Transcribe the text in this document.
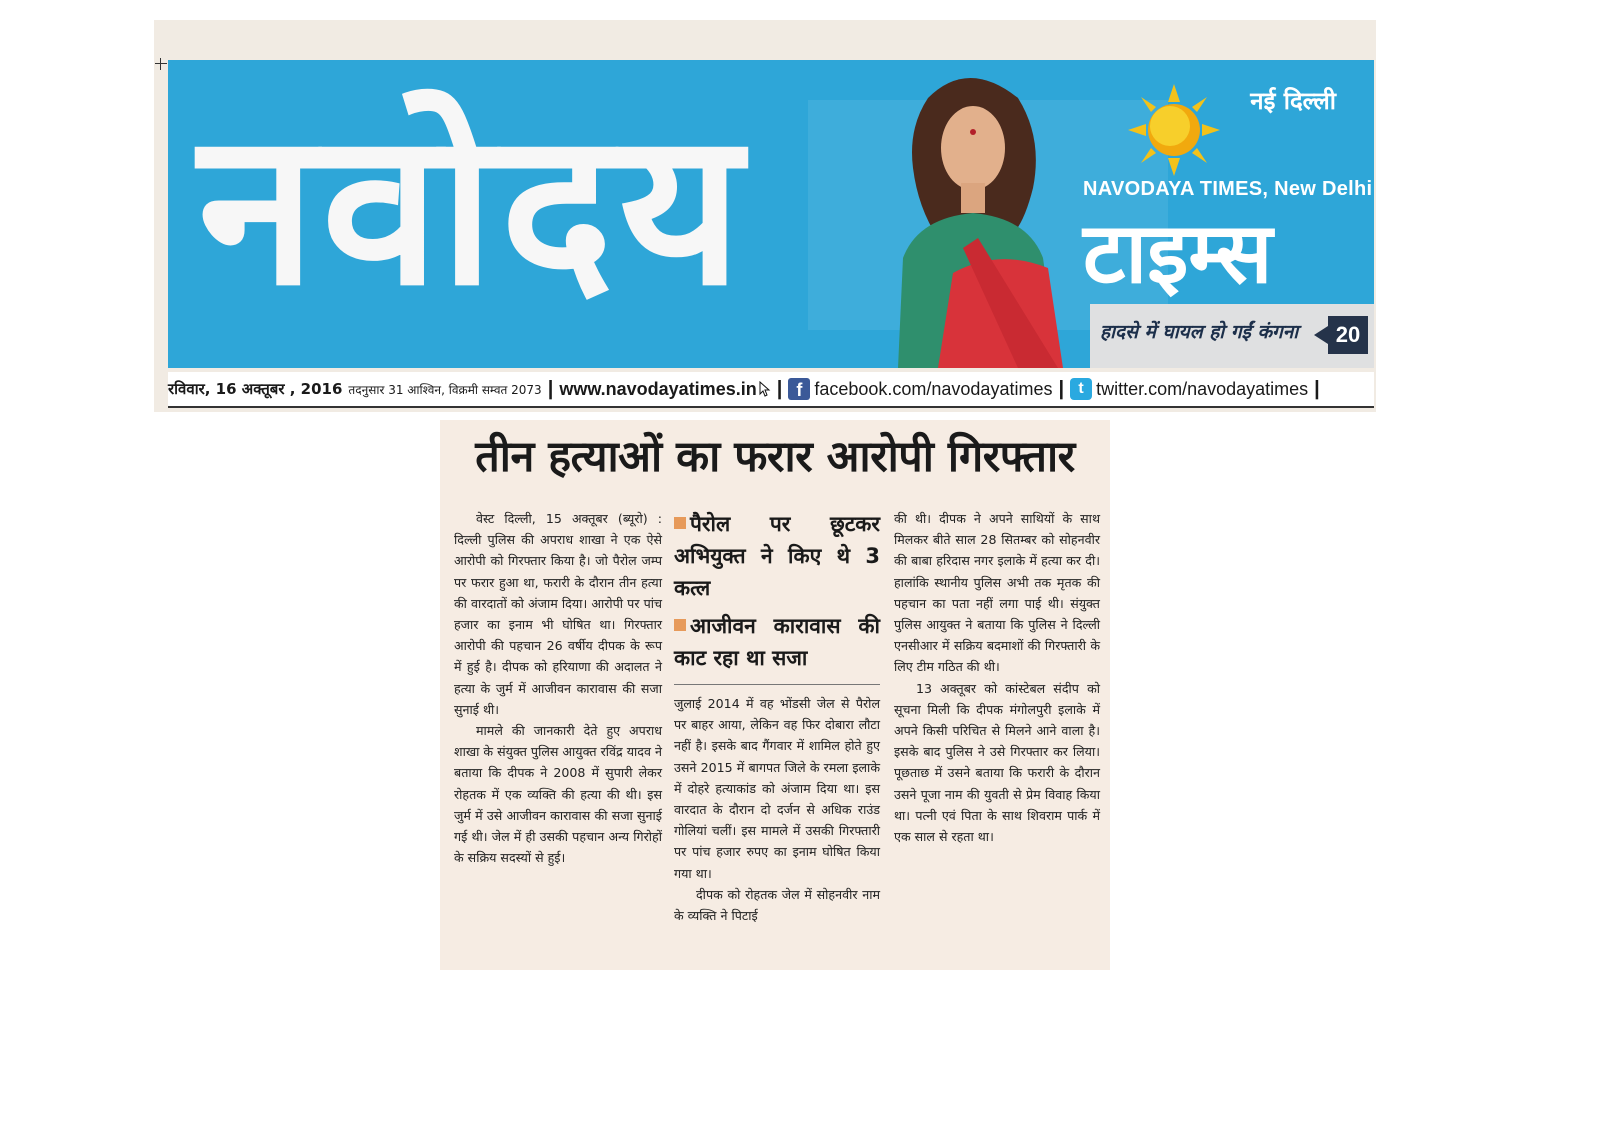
नवोदय	नई दिल्ली
NAVODAYA TIMES, New Delhi
टाइम्स
हादसे में घायल हो गईं कंगना	20
रविवार, 16 अक्तूबर , 2016 तदनुसार 31 आश्विन, विक्रमी सम्वत 2073 | www.navodayatimes.in | f facebook.com/navodayatimes | t twitter.com/navodayatimes |
तीन हत्याओं का फरार आरोपी गिरफ्तार

वेस्ट दिल्ली, 15 अक्तूबर (ब्यूरो) : दिल्ली पुलिस की अपराध शाखा ने एक ऐसे आरोपी को गिरफ्तार किया है। जो पैरोल जम्प पर फरार हुआ था, फरारी के दौरान तीन हत्या की वारदातों को अंजाम दिया। आरोपी पर पांच हजार का इनाम भी घोषित था। गिरफ्तार आरोपी की पहचान 26 वर्षीय दीपक के रूप में हुई है। दीपक को हरियाणा की अदालत ने हत्या के जुर्म में आजीवन कारावास की सजा सुनाई थी।

मामले की जानकारी देते हुए अपराध शाखा के संयुक्त पुलिस आयुक्त रविंद्र यादव ने बताया कि दीपक ने 2008 में सुपारी लेकर रोहतक में एक व्यक्ति की हत्या की थी। इस जुर्म में उसे आजीवन कारावास की सजा सुनाई गई थी। जेल में ही उसकी पहचान अन्य गिरोहों के सक्रिय सदस्यों से हुई।

पैरोल पर छूटकर अभियुक्त ने किए थे 3 कत्ल
आजीवन कारावास की काट रहा था सजा

जुलाई 2014 में वह भोंडसी जेल से पैरोल पर बाहर आया, लेकिन वह फिर दोबारा लौटा नहीं है। इसके बाद गैंगवार में शामिल होते हुए उसने 2015 में बागपत जिले के रमला इलाके में दोहरे हत्याकांड को अंजाम दिया था। इस वारदात के दौरान दो दर्जन से अधिक राउंड गोलियां चलीं। इस मामले में उसकी गिरफ्तारी पर पांच हजार रुपए का इनाम घोषित किया गया था।

दीपक को रोहतक जेल में सोहनवीर नाम के व्यक्ति ने पिटाई

की थी। दीपक ने अपने साथियों के साथ मिलकर बीते साल 28 सितम्बर को सोहनवीर की बाबा हरिदास नगर इलाके में हत्या कर दी। हालांकि स्थानीय पुलिस अभी तक मृतक की पहचान का पता नहीं लगा पाई थी। संयुक्त पुलिस आयुक्त ने बताया कि पुलिस ने दिल्ली एनसीआर में सक्रिय बदमाशों की गिरफ्तारी के लिए टीम गठित की थी।

13 अक्तूबर को कांस्टेबल संदीप को सूचना मिली कि दीपक मंगोलपुरी इलाके में अपने किसी परिचित से मिलने आने वाला है। इसके बाद पुलिस ने उसे गिरफ्तार कर लिया। पूछताछ में उसने बताया कि फरारी के दौरान उसने पूजा नाम की युवती से प्रेम विवाह किया था। पत्नी एवं पिता के साथ शिवराम पार्क में एक साल से रहता था।
